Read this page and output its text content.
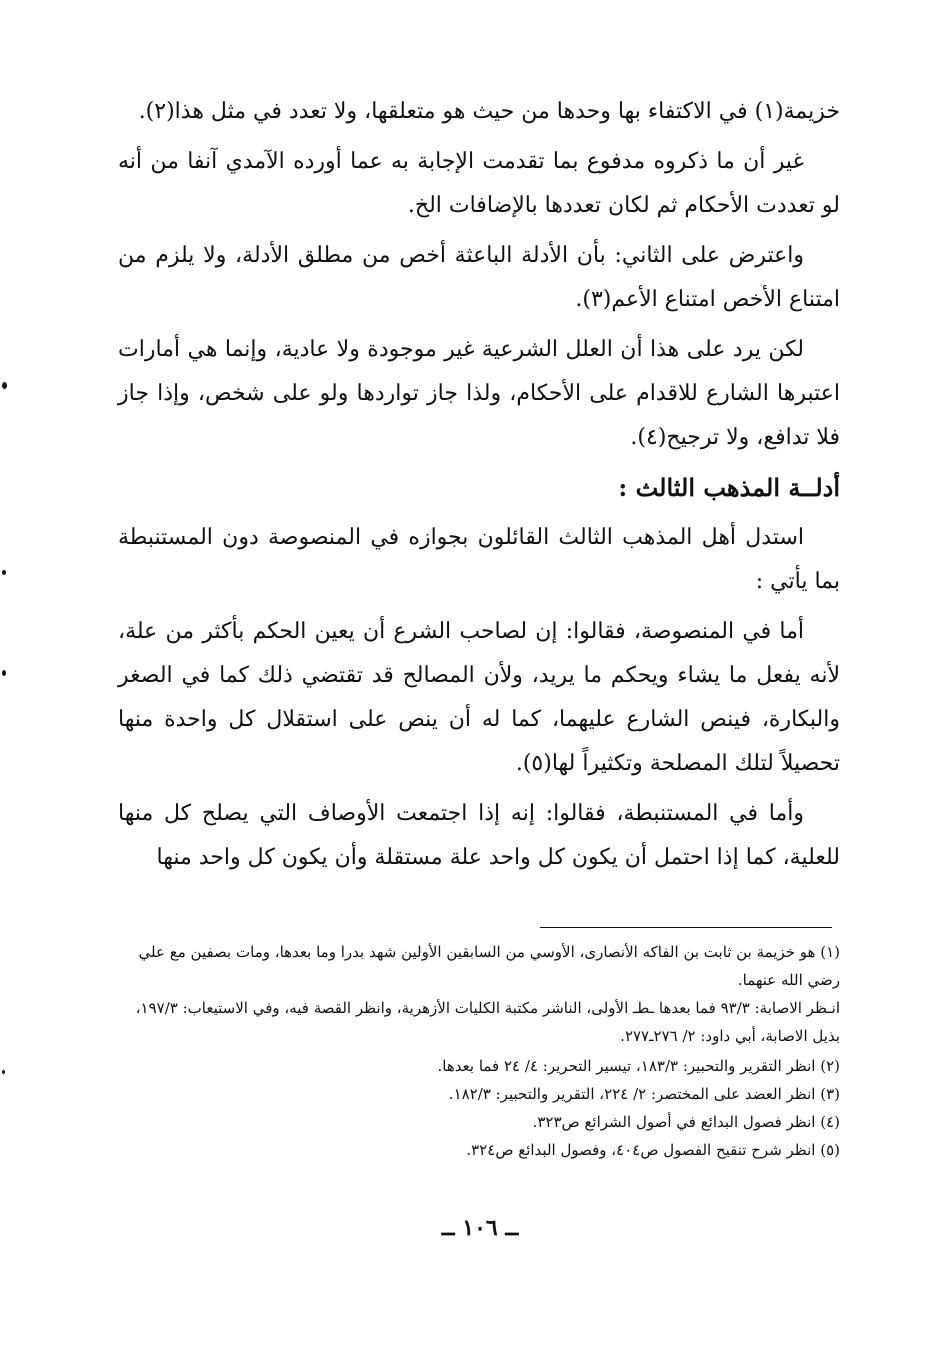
خزيمة(١) في الاكتفاء بها وحدها من حيث هو متعلقها، ولا تعدد في مثل هذا(٢).

غير أن ما ذكروه مدفوع بما تقدمت الإجابة به عما أورده الآمدي آنفا من أنه لو تعددت الأحكام ثم لكان تعددها بالإضافات الخ.

واعترض على الثاني: بأن الأدلة الباعثة أخص من مطلق الأدلة، ولا يلزم من امتناع الأخص امتناع الأعم(٣).

لكن يرد على هذا أن العلل الشرعية غير موجودة ولا عادية، وإنما هي أمارات اعتبرها الشارع للاقدام على الأحكام، ولذا جاز تواردها ولو على شخص، وإذا جاز فلا تدافع، ولا ترجيح(٤).

أدلــة المذهب الثالث :

استدل أهل المذهب الثالث القائلون بجوازه في المنصوصة دون المستنبطة بما يأتي :

أما في المنصوصة، فقالوا: إن لصاحب الشرع أن يعين الحكم بأكثر من علة، لأنه يفعل ما يشاء ويحكم ما يريد، ولأن المصالح قد تقتضي ذلك كما في الصغر والبكارة، فينص الشارع عليهما، كما له أن ينص على استقلال كل واحدة منها تحصيلاً لتلك المصلحة وتكثيراً لها(٥).

وأما في المستنبطة، فقالوا: إنه إذا اجتمعت الأوصاف التي يصلح كل منها للعلية، كما إذا احتمل أن يكون كل واحد علة مستقلة وأن يكون كل واحد منها

(١) هو خزيمة بن ثابت بن الفاكه الأنصارى، الأوسي من السابقين الأولين شهد بدرا وما بعدها، ومات بصفين مع علي رضي الله عنهما.

انـظر الاصابة: ٩٣/٣ فما بعدها ـطـ الأولى، الناشر مكتبة الكليات الأزهرية، وانظر القصة فيه، وفي الاستيعاب: ١٩٧/٣، بذيل الاصابة، أبي داود: ٢/ ٢٧٦ـ٢٧٧.

(٢) انظر التقرير والتحبير: ١٨٣/٣، تيسير التحرير: ٤/ ٢٤ فما بعدها.

(٣) انظر العضد على المختصر: ٢/ ٢٢٤، التقرير والتحبير: ١٨٢/٣.

(٤) انظر فصول البدائع في أصول الشرائع ص٣٢٣.

(٥) انظر شرح تنقيح الفصول ص٤٠٤، وفصول البدائع ص٣٢٤.

ــ ١٠٦ ــ
